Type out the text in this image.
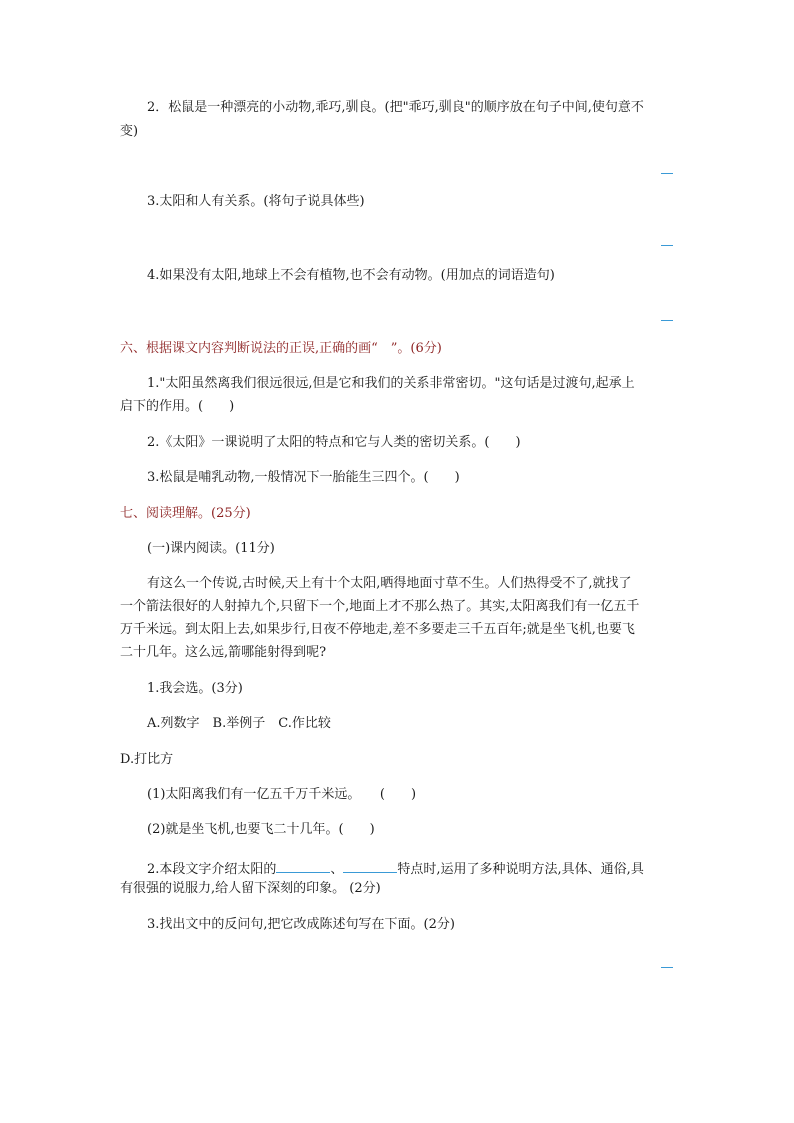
2．松鼠是一种漂亮的小动物,乖巧,驯良。(把"乖巧,驯良"的顺序放在句子中间,使句意不
变)
3.太阳和人有关系。(将句子说具体些)
4.如果没有太阳,地球上不会有植物,也不会有动物。(用加点的词语造句)
六、根据课文内容判断说法的正误,正确的画“　”。(6分)
1."太阳虽然离我们很远很远,但是它和我们的关系非常密切。"这句话是过渡句,起承上
启下的作用。(　　)
2.《太阳》一课说明了太阳的特点和它与人类的密切关系。(　　)
3.松鼠是哺乳动物,一般情况下一胎能生三四个。(　　)
七、阅读理解。(25分)
(一)课内阅读。(11分)
有这么一个传说,古时候,天上有十个太阳,晒得地面寸草不生。人们热得受不了,就找了
一个箭法很好的人射掉九个,只留下一个,地面上才不那么热了。其实,太阳离我们有一亿五千
万千米远。到太阳上去,如果步行,日夜不停地走,差不多要走三千五百年;就是坐飞机,也要飞
二十几年。这么远,箭哪能射得到呢?
1.我会选。(3分)
A.列数字　B.举例子　C.作比较
D.打比方
(1)太阳离我们有一亿五千万千米远。　　(　　)
(2)就是坐飞机,也要飞二十几年。(　　)
2.本段文字介绍太阳的	、	特点时,运用了多种说明方法,具体、通俗,具
有很强的说服力,给人留下深刻的印象。 (2分)
3.找出文中的反问句,把它改成陈述句写在下面。(2分)
